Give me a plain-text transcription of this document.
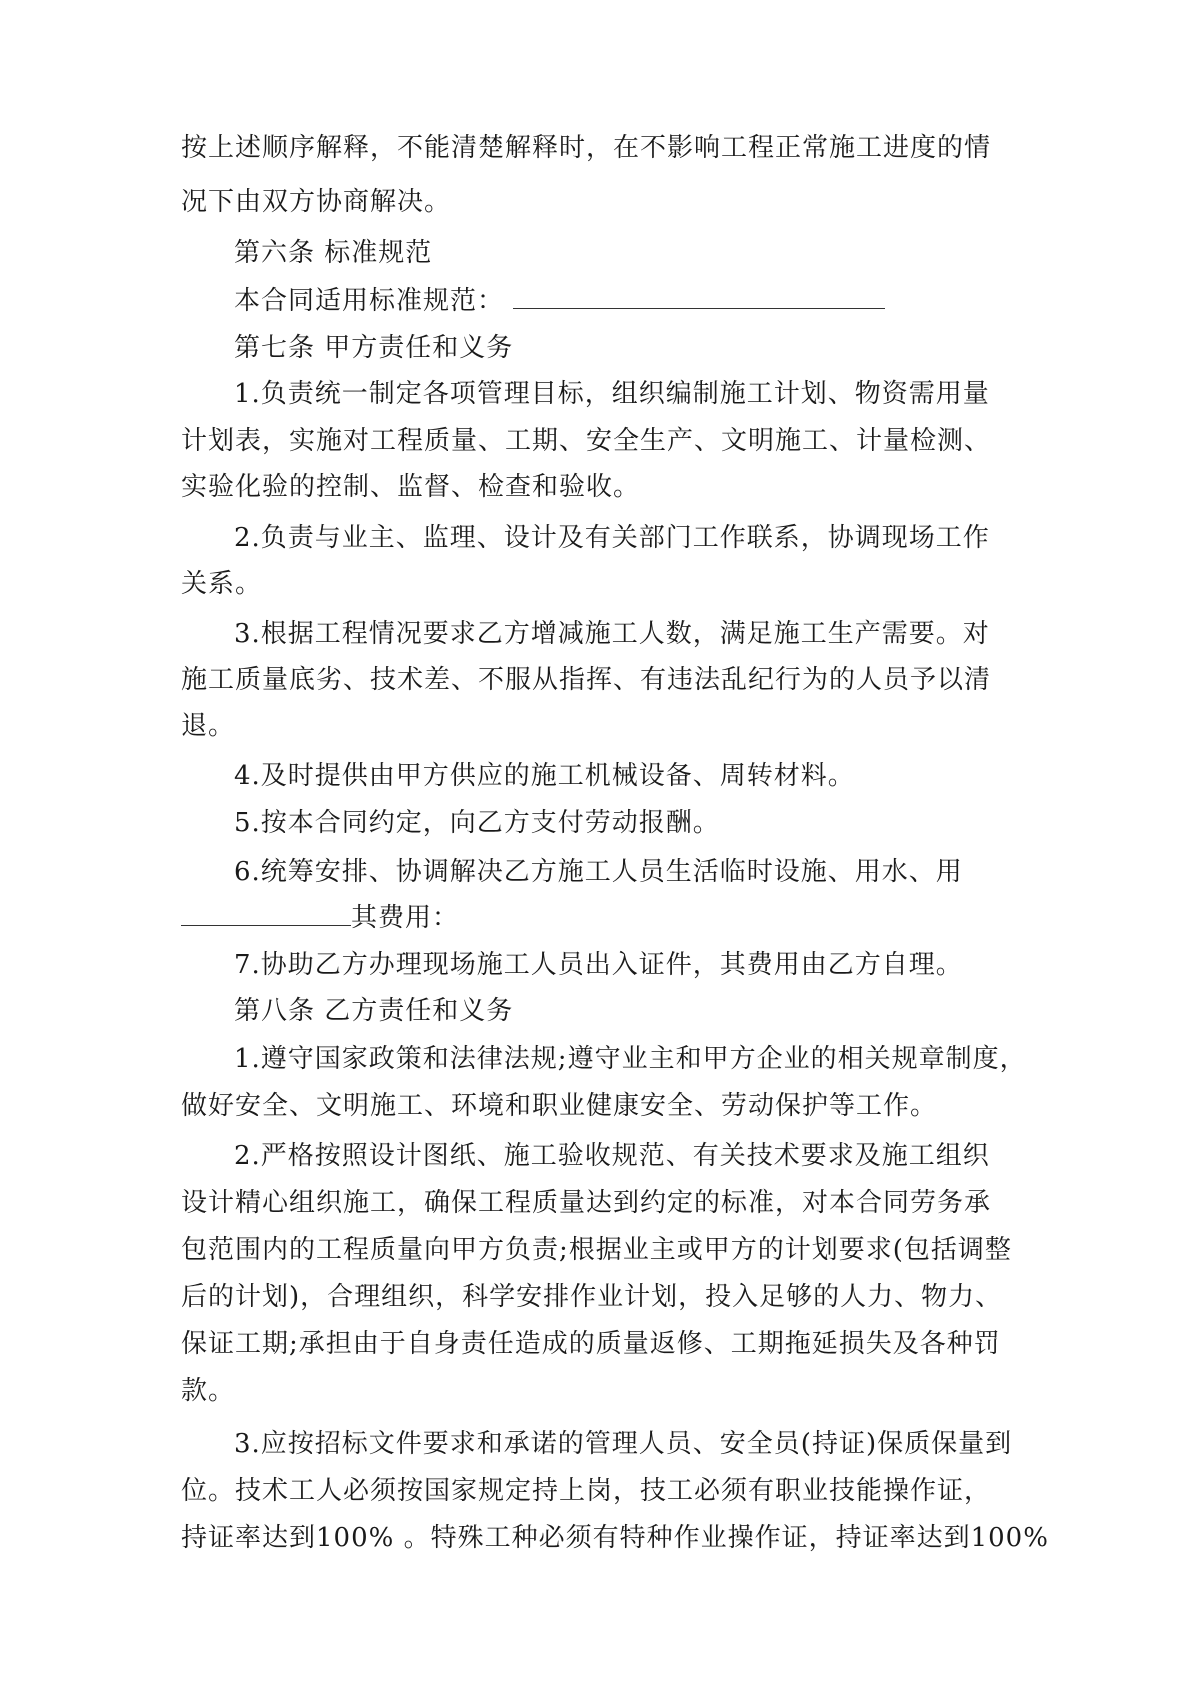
按上述顺序解释，不能清楚解释时，在不影响工程正常施工进度的情
况下由双方协商解决。
第六条 标准规范
本合同适用标准规范：
第七条 甲方责任和义务
1.负责统一制定各项管理目标，组织编制施工计划、物资需用量
计划表，实施对工程质量、工期、安全生产、文明施工、计量检测、
实验化验的控制、监督、检查和验收。
2.负责与业主、监理、设计及有关部门工作联系，协调现场工作
关系。
3.根据工程情况要求乙方增减施工人数，满足施工生产需要。对
施工质量底劣、技术差、不服从指挥、有违法乱纪行为的人员予以清
退。
4.及时提供由甲方供应的施工机械设备、周转材料。
5.按本合同约定，向乙方支付劳动报酬。
6.统筹安排、协调解决乙方施工人员生活临时设施、用水、用
其费用：
7.协助乙方办理现场施工人员出入证件，其费用由乙方自理。
第八条 乙方责任和义务
1.遵守国家政策和法律法规;遵守业主和甲方企业的相关规章制度，
做好安全、文明施工、环境和职业健康安全、劳动保护等工作。
2.严格按照设计图纸、施工验收规范、有关技术要求及施工组织
设计精心组织施工，确保工程质量达到约定的标准，对本合同劳务承
包范围内的工程质量向甲方负责;根据业主或甲方的计划要求(包括调整
后的计划)，合理组织，科学安排作业计划，投入足够的人力、物力、
保证工期;承担由于自身责任造成的质量返修、工期拖延损失及各种罚
款。
3.应按招标文件要求和承诺的管理人员、安全员(持证)保质保量到
位。技术工人必须按国家规定持上岗，技工必须有职业技能操作证，
持证率达到100% 。特殊工种必须有特种作业操作证，持证率达到100%
